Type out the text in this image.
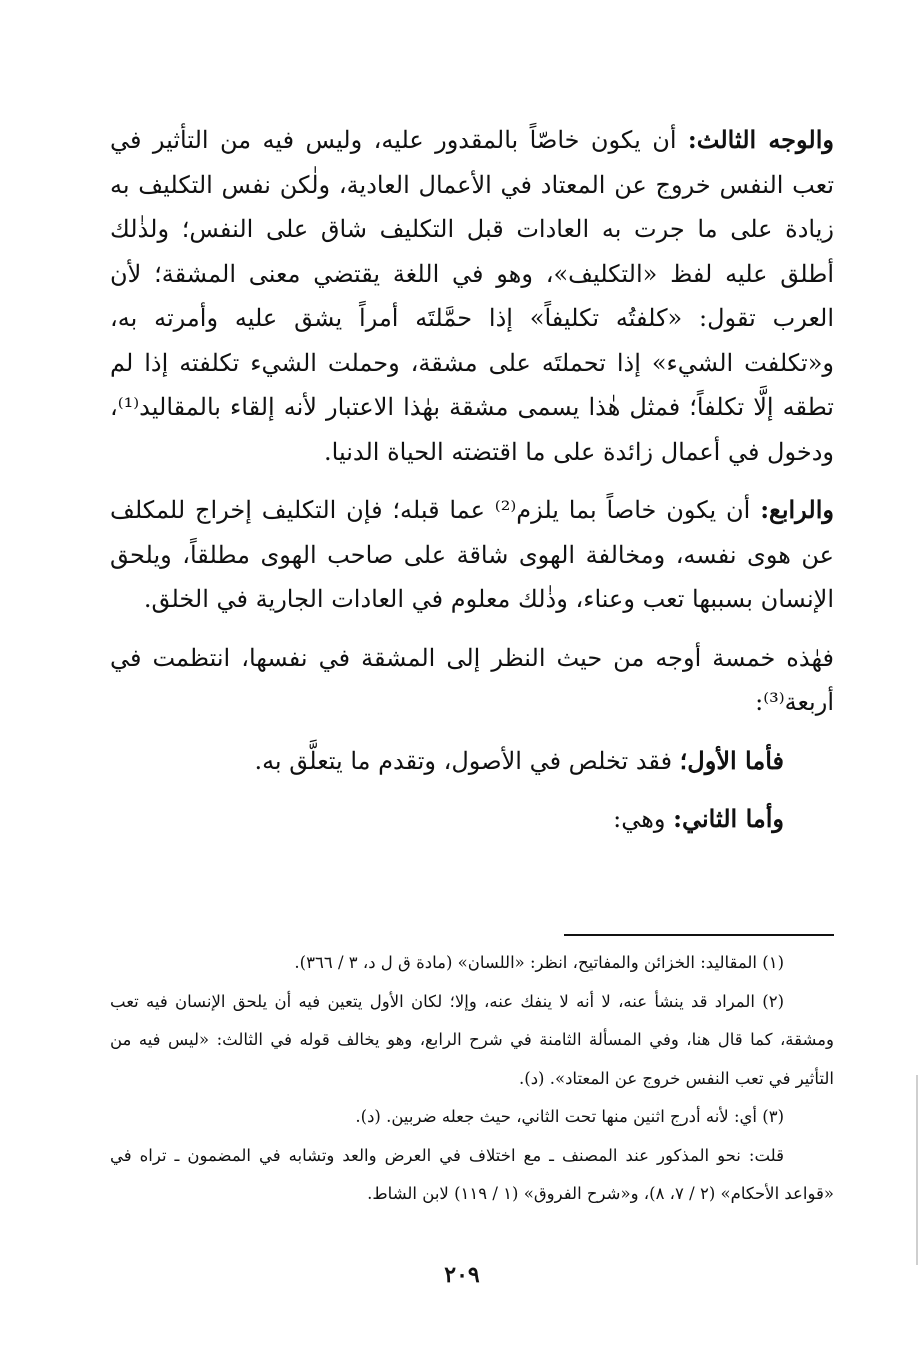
والوجه الثالث: أن يكون خاصّاً بالمقدور عليه، وليس فيه من التأثير في تعب النفس خروج عن المعتاد في الأعمال العادية، ولٰكن نفس التكليف به زيادة على ما جرت به العادات قبل التكليف شاق على النفس؛ ولذٰلك أطلق عليه لفظ «التكليف»، وهو في اللغة يقتضي معنى المشقة؛ لأن العرب تقول: «كلفتُه تكليفاً» إذا حمَّلتَه أمراً يشق عليه وأمرته به، و«تكلفت الشيء» إذا تحملتَه على مشقة، وحملت الشيء تكلفته إذا لم تطقه إلَّا تكلفاً؛ فمثل هٰذا يسمى مشقة بهٰذا الاعتبار لأنه إلقاء بالمقاليد⁽¹⁾، ودخول في أعمال زائدة على ما اقتضته الحياة الدنيا.

والرابع: أن يكون خاصاً بما يلزم⁽²⁾ عما قبله؛ فإن التكليف إخراج للمكلف عن هوى نفسه، ومخالفة الهوى شاقة على صاحب الهوى مطلقاً، ويلحق الإنسان بسببها تعب وعناء، وذٰلك معلوم في العادات الجارية في الخلق.

فهٰذه خمسة أوجه من حيث النظر إلى المشقة في نفسها، انتظمت في أربعة⁽³⁾:

فأما الأول؛ فقد تخلص في الأصول، وتقدم ما يتعلَّق به.

وأما الثاني: وهي:

(١) المقاليد: الخزائن والمفاتيح، انظر: «اللسان» (مادة ق ل د، ٣ / ٣٦٦).

(٢) المراد قد ينشأ عنه، لا أنه لا ينفك عنه، وإلا؛ لكان الأول يتعين فيه أن يلحق الإنسان فيه تعب ومشقة، كما قال هنا، وفي المسألة الثامنة في شرح الرابع، وهو يخالف قوله في الثالث: «ليس فيه من التأثير في تعب النفس خروج عن المعتاد». (د).

(٣) أي: لأنه أدرج اثنين منها تحت الثاني، حيث جعله ضربين. (د).

قلت: نحو المذكور عند المصنف ـ مع اختلاف في العرض والعد وتشابه في المضمون ـ تراه في «قواعد الأحكام» (٢ / ٧، ٨)، و«شرح الفروق» (١ / ١١٩) لابن الشاط.

٢٠٩
